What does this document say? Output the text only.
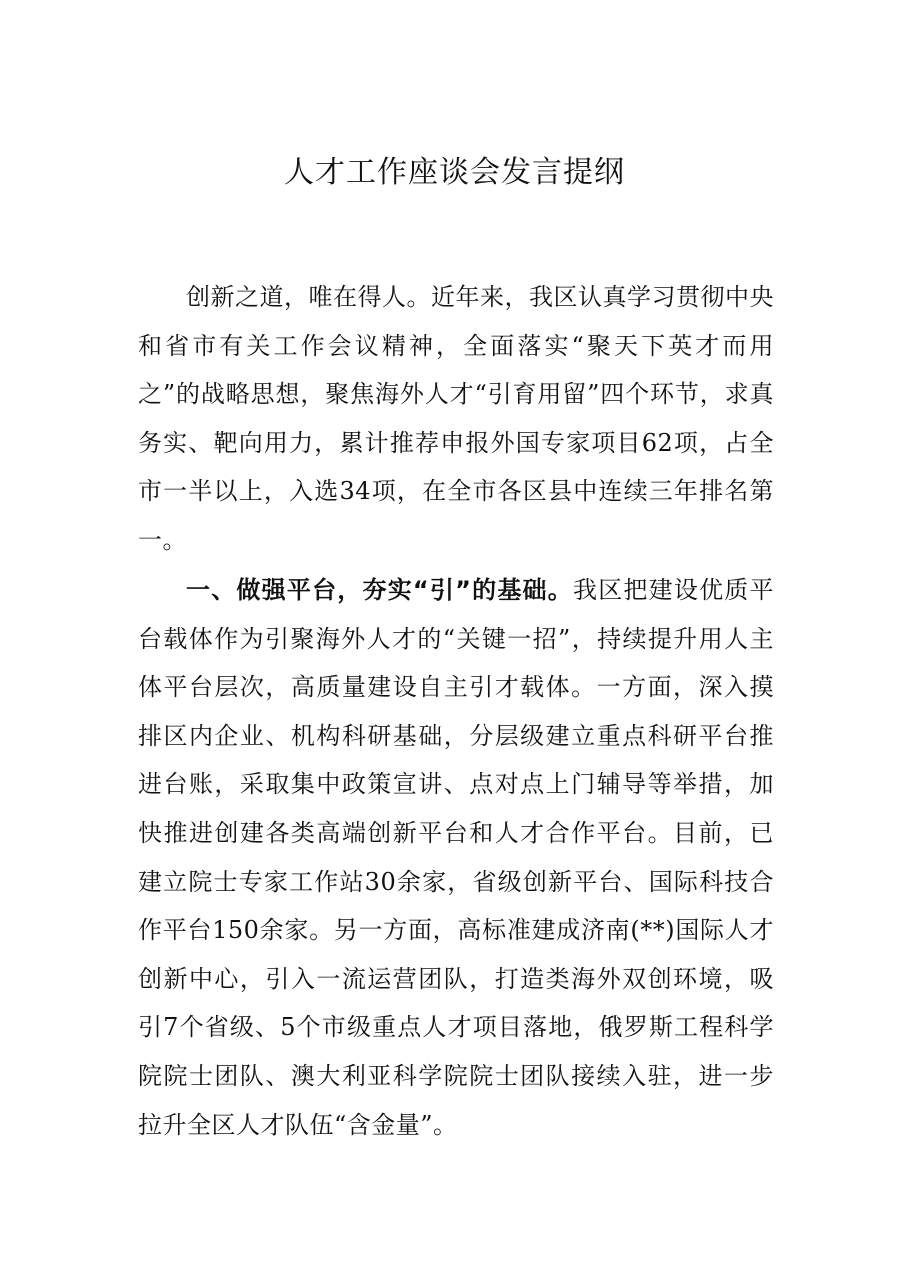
人才工作座谈会发言提纲

创新之道，唯在得人。近年来，我区认真学习贯彻中央和省市有关工作会议精神，全面落实“聚天下英才而用之”的战略思想，聚焦海外人才“引育用留”四个环节，求真务实、靶向用力，累计推荐申报外国专家项目62项，占全市一半以上，入选34项，在全市各区县中连续三年排名第一。

一、做强平台，夯实“引”的基础。我区把建设优质平台载体作为引聚海外人才的“关键一招”，持续提升用人主体平台层次，高质量建设自主引才载体。一方面，深入摸排区内企业、机构科研基础，分层级建立重点科研平台推进台账，采取集中政策宣讲、点对点上门辅导等举措，加快推进创建各类高端创新平台和人才合作平台。目前，已建立院士专家工作站30余家，省级创新平台、国际科技合作平台150余家。另一方面，高标准建成济南(**)国际人才创新中心，引入一流运营团队，打造类海外双创环境，吸引7个省级、5个市级重点人才项目落地，俄罗斯工程科学院院士团队、澳大利亚科学院院士团队接续入驻，进一步拉升全区人才队伍“含金量”。
